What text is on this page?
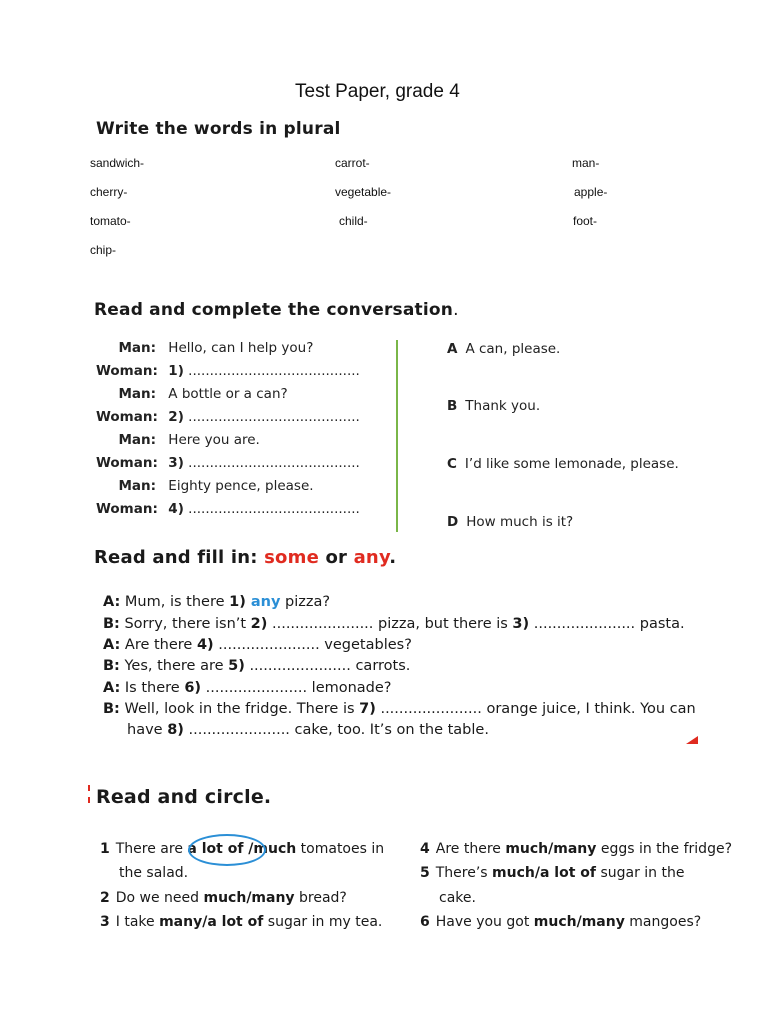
Test Paper, grade 4
Write the words in plural
sandwich-	carrot-	man-
cherry-	vegetable-	apple-
tomato-	child-	foot-
chip-
Read and complete the conversation.
Man: Hello, can I help you?
Woman: 1) ........................................
Man: A bottle or a can?
Woman: 2) ........................................
Man: Here you are.
Woman: 3) ........................................
Man: Eighty pence, please.
Woman: 4) ........................................
A A can, please.
B Thank you.
C I’d like some lemonade, please.
D How much is it?
Read and fill in: some or any.
A: Mum, is there 1) any pizza?
B: Sorry, there isn’t 2) ...................... pizza, but there is 3) ...................... pasta.
A: Are there 4) ...................... vegetables?
B: Yes, there are 5) ...................... carrots.
A: Is there 6) ...................... lemonade?
B: Well, look in the fridge. There is 7) ...................... orange juice, I think. You can
have 8) ...................... cake, too. It’s on the table.
Read and circle.
1 There are a lot of /much tomatoes in
the salad.
2 Do we need much/many bread?
3 I take many/a lot of sugar in my tea.
4 Are there much/many eggs in the fridge?
5 There’s much/a lot of sugar in the
cake.
6 Have you got much/many mangoes?
